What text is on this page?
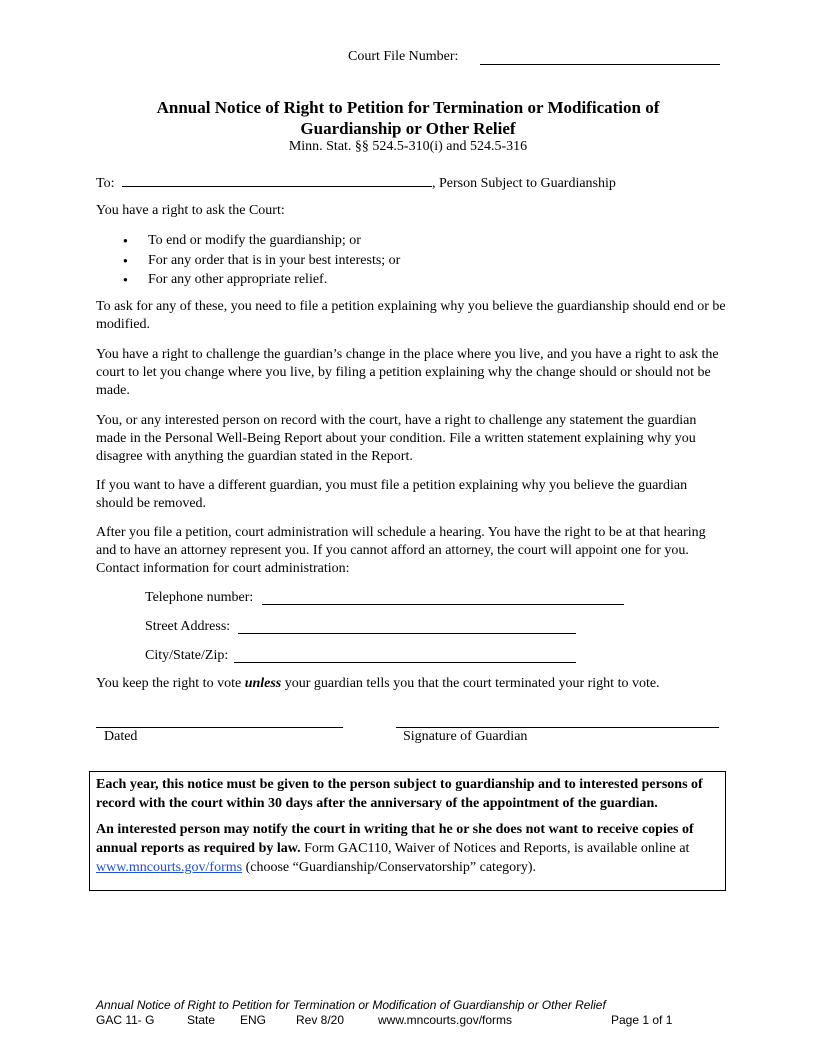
Court File Number:
Annual Notice of Right to Petition for Termination or Modification of
Guardianship or Other Relief
Minn. Stat. §§ 524.5-310(i) and 524.5-316
To:	, Person Subject to Guardianship
You have a right to ask the Court:
● To end or modify the guardianship; or
● For any order that is in your best interests; or
● For any other appropriate relief.
To ask for any of these, you need to file a petition explaining why you believe the guardianship should end or be modified.
You have a right to challenge the guardian’s change in the place where you live, and you have a right to ask the court to let you change where you live, by filing a petition explaining why the change should or should not be made.
You, or any interested person on record with the court, have a right to challenge any statement the guardian made in the Personal Well-Being Report about your condition. File a written statement explaining why you disagree with anything the guardian stated in the Report.
If you want to have a different guardian, you must file a petition explaining why you believe the guardian should be removed.
After you file a petition, court administration will schedule a hearing. You have the right to be at that hearing and to have an attorney represent you. If you cannot afford an attorney, the court will appoint one for you. Contact information for court administration:
Telephone number:
Street Address:
City/State/Zip:
You keep the right to vote unless your guardian tells you that the court terminated your right to vote.
Dated	Signature of Guardian

Each year, this notice must be given to the person subject to guardianship and to interested persons of record with the court within 30 days after the anniversary of the appointment of the guardian.

An interested person may notify the court in writing that he or she does not want to receive copies of annual reports as required by law. Form GAC110, Waiver of Notices and Reports, is available online at www.mncourts.gov/forms (choose “Guardianship/Conservatorship” category).

Annual Notice of Right to Petition for Termination or Modification of Guardianship or Other Relief
GAC 11- G	State ENG Rev 8/20	www.mncourts.gov/forms	Page 1 of 1
